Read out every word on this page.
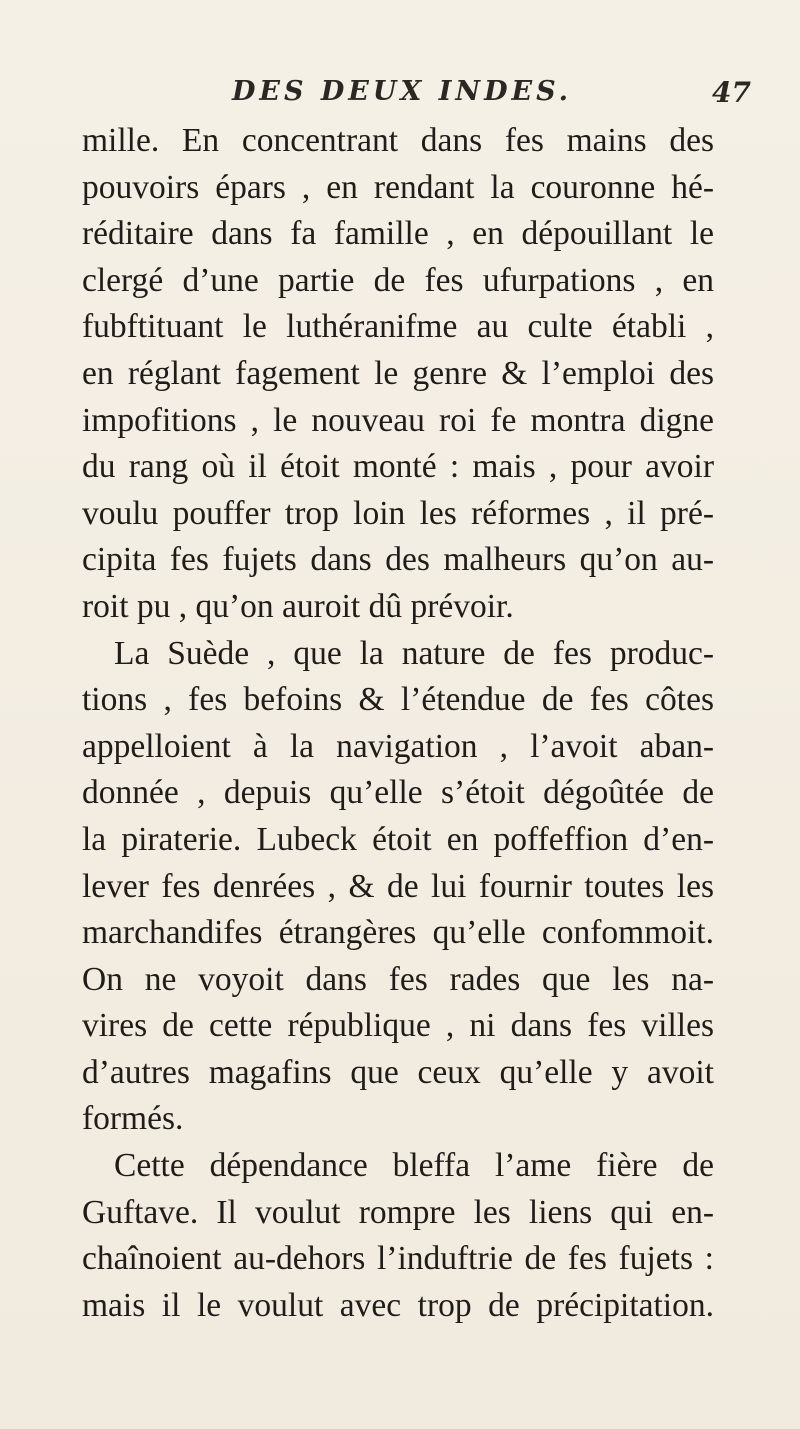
DES DEUX INDES.	47
mille. En concentrant dans fes mains des
pouvoirs épars , en rendant la couronne hé-
réditaire dans fa famille , en dépouillant le
clergé d’une partie de fes ufurpations , en
fubftituant le luthéranifme au culte établi ,
en réglant fagement le genre & l’emploi des
impofitions , le nouveau roi fe montra digne
du rang où il étoit monté : mais , pour avoir
voulu pouffer trop loin les réformes , il pré-
cipita fes fujets dans des malheurs qu’on au-
roit pu , qu’on auroit dû prévoir.
La Suède , que la nature de fes produc-
tions , fes befoins & l’étendue de fes côtes
appelloient à la navigation , l’avoit aban-
donnée , depuis qu’elle s’étoit dégoûtée de
la piraterie. Lubeck étoit en poffeffion d’en-
lever fes denrées , & de lui fournir toutes les
marchandifes étrangères qu’elle confommoit.
On ne voyoit dans fes rades que les na-
vires de cette république , ni dans fes villes
d’autres magafins que ceux qu’elle y avoit
formés.
Cette dépendance bleffa l’ame fière de
Guftave. Il voulut rompre les liens qui en-
chaînoient au-dehors l’induftrie de fes fujets :
mais il le voulut avec trop de précipitation.
